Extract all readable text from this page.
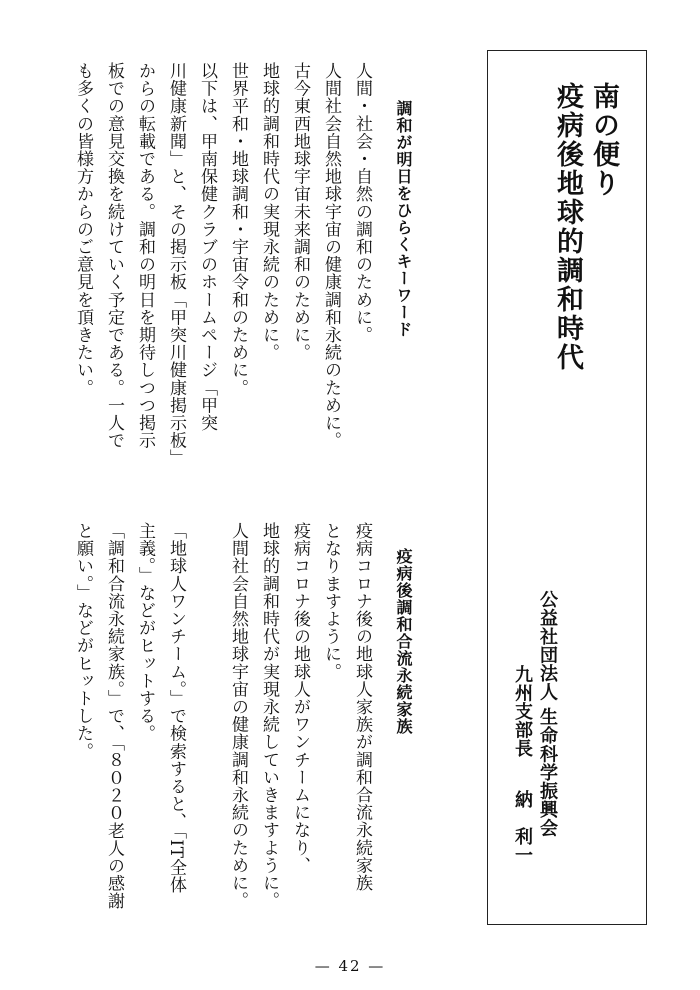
南の便り

疫病後地球的調和時代

公益社団法人 生命科学振興会

九州支部長

納　利一

調和が明日をひらくキーワード

人間・社会・自然の調和のために。
人間社会自然地球宇宙の健康調和永続のために。
古今東西地球宇宙未来調和のために。
地球的調和時代の実現永続のために。
世界平和・地球調和・宇宙令和のために。
以下は、甲南保健クラブのホームページ「甲突
川健康新聞」と、その掲示板「甲突川健康掲示板」
からの転載である。調和の明日を期待しつつ掲示
板での意見交換を続けていく予定である。一人で
も多くの皆様方からのご意見を頂きたい。

疫病後調和合流永続家族

疫病コロナ後の地球人家族が調和合流永続家族
となりますように。
疫病コロナ後の地球人がワンチームになり、
地球的調和時代が実現永続していきますように。
人間社会自然地球宇宙の健康調和永続のために。
「地球人ワンチーム。」で検索すると、「IT全体
主義。」などがヒットする。
「調和合流永続家族。」で、「８０２０老人の感謝
と願い。」などがヒットした。
— 42 —
